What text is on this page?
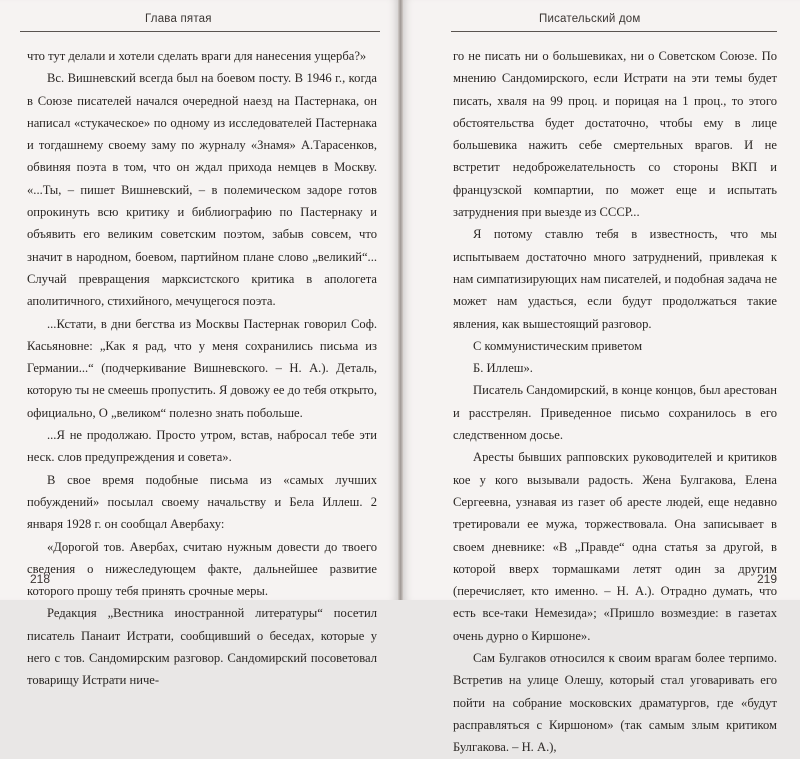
Глава пятая

что тут делали и хотели сделать враги для нанесения ущерба?»

Вс. Вишневский всегда был на боевом посту. В 1946 г., когда в Союзе писателей начался очередной наезд на Пастернака, он написал «стукаческое» по одному из исследователей Пастернака и тогдашнему своему заму по журналу «Знамя» А.Тарасенков, обвиняя поэта в том, что он ждал прихода немцев в Москву. «...Ты, – пишет Вишневский, – в полемическом задоре готов опрокинуть всю критику и библиографию по Пастернаку и объявить его великим советским поэтом, забыв совсем, что значит в народном, боевом, партийном плане слово „великий“... Случай превращения марксистского критика в апологета аполитичного, стихийного, мечущегося поэта.

...Кстати, в дни бегства из Москвы Пастернак говорил Соф. Касьяновне: „Как я рад, что у меня сохранились письма из Германии...“ (подчеркивание Вишневского. – Н. А.). Деталь, которую ты не смеешь пропустить. Я довожу ее до тебя открыто, официально, О „великом“ полезно знать побольше.

...Я не продолжаю. Просто утром, встав, набросал тебе эти неск. слов предупреждения и совета».

В свое время подобные письма из «самых лучших побуждений» посылал своему начальству и Бела Иллеш. 2 января 1928 г. он сообщал Авербаху:

«Дорогой тов. Авербах, считаю нужным довести до твоего сведения о нижеследующем факте, дальнейшее развитие которого прошу тебя принять срочные меры.

Редакция „Вестника иностранной литературы“ посетил писатель Панаит Истрати, сообщивший о беседах, которые у него с тов. Сандомирским разговор. Сандомирский посоветовал товарищу Истрати ниче-

218
Писательский дом

го не писать ни о большевиках, ни о Советском Союзе. По мнению Сандомирского, если Истрати на эти темы будет писать, хваля на 99 проц. и порицая на 1 проц., то этого обстоятельства будет достаточно, чтобы ему в лице большевика нажить себе смертельных врагов. И не встретит недоброжелательность со стороны ВКП и французской компартии, по может еще и испытать затруднения при выезде из СССР...

Я потому ставлю тебя в известность, что мы испытываем достаточно много затруднений, привлекая к нам симпатизирующих нам писателей, и подобная задача не может нам удасться, если будут продолжаться такие явления, как вышестоящий разговор.

С коммунистическим приветом

Б. Иллеш».

Писатель Сандомирский, в конце концов, был арестован и расстрелян. Приведенное письмо сохранилось в его следственном досье.

Аресты бывших рапповских руководителей и критиков кое у кого вызывали радость. Жена Булгакова, Елена Сергеевна, узнавая из газет об аресте людей, еще недавно третировали ее мужа, торжествовала. Она записывает в своем дневнике: «В „Правде“ одна статья за другой, в которой вверх тормашками летят один за другим (перечисляет, кто именно. – Н. А.). Отрадно думать, что есть все-таки Немезида»; «Пришло возмездие: в газетах очень дурно о Киршоне».

Сам Булгаков относился к своим врагам более терпимо. Встретив на улице Олешу, который стал уговаривать его пойти на собрание московских драматургов, где «будут расправляться с Киршоном» (так самым злым критиком Булгакова. – Н. А.),

219
